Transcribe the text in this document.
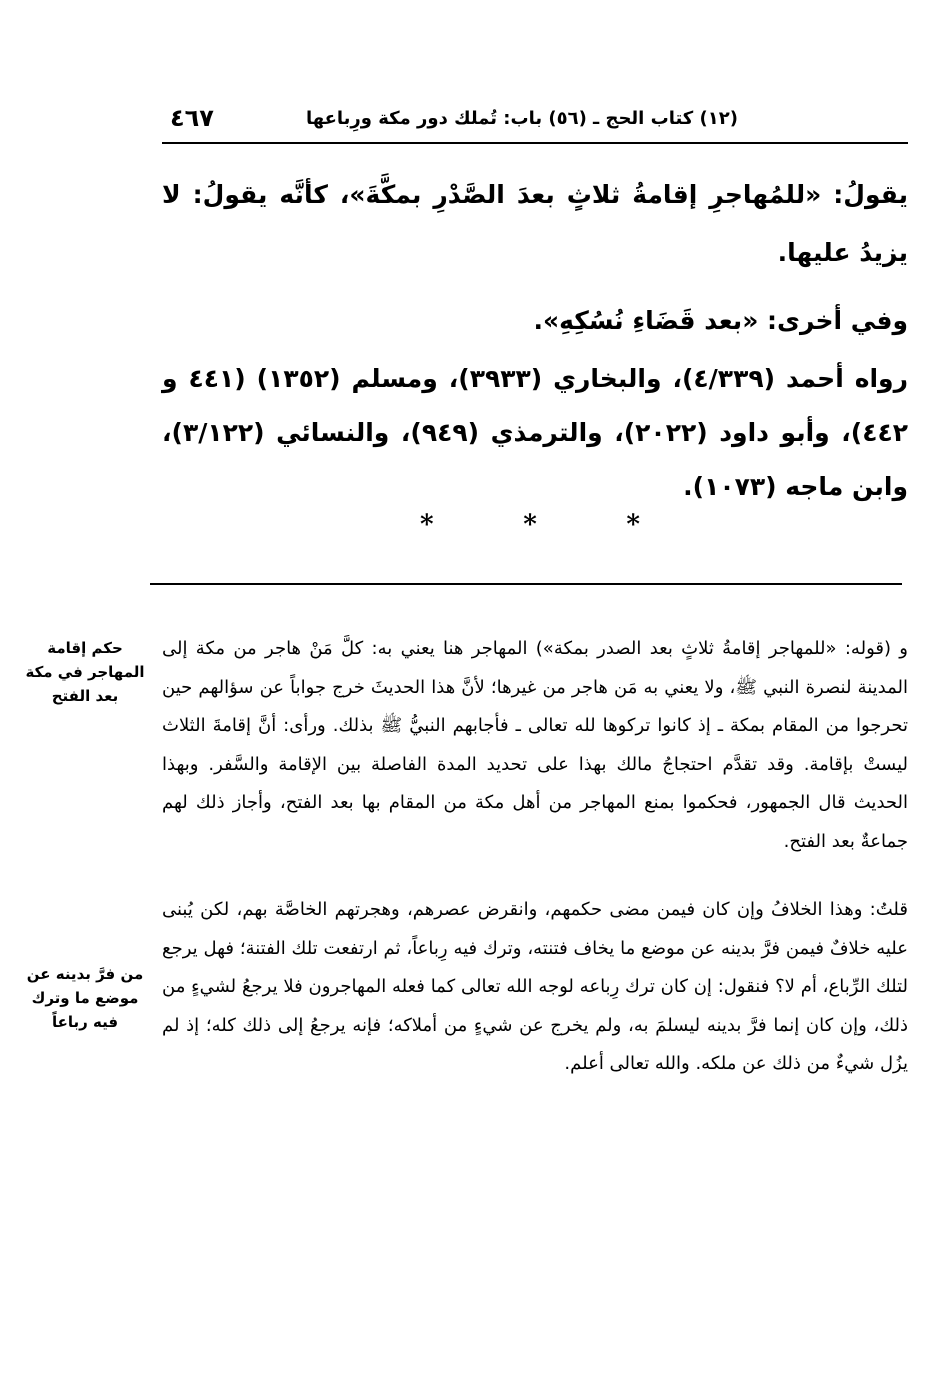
٤٦٧	(١٢) كتاب الحج ـ (٥٦) باب: تُملك دور مكة ورِباعها

يقولُ: «للمُهاجرِ إقامةُ ثلاثٍ بعدَ الصَّدْرِ بمكَّةَ»، كأنَّه يقولُ: لا يزيدُ عليها.

وفي أخرى: «بعد قَضَاءِ نُسُكِهِ».

رواه أحمد (٤/٣٣٩)، والبخاري (٣٩٣٣)، ومسلم (١٣٥٢) (٤٤١ و ٤٤٢)، وأبو داود (٢٠٢٢)، والترمذي (٩٤٩)، والنسائي (٣/١٢٢)، وابن ماجه (١٠٧٣).

*	*	*

و (قوله: «للمهاجر إقامةُ ثلاثٍ بعد الصدر بمكة») المهاجر هنا يعني به: كلَّ مَنْ هاجر من مكة إلى المدينة لنصرة النبي ﷺ، ولا يعني به مَن هاجر من غيرها؛ لأنَّ هذا الحديثَ خرج جواباً عن سؤالهم حين تحرجوا من المقام بمكة ـ إذ كانوا تركوها لله تعالى ـ فأجابهم النبيُّ ﷺ بذلك. ورأى: أنَّ إقامةَ الثلاث ليستْ بإقامة. وقد تقدَّم احتجاجُ مالك بهذا على تحديد المدة الفاصلة بين الإقامة والسَّفر. وبهذا الحديث قال الجمهور، فحكموا بمنع المهاجر من أهل مكة من المقام بها بعد الفتح، وأجاز ذلك لهم جماعةٌ بعد الفتح.

قلتُ: وهذا الخلافُ وإن كان فيمن مضى حكمهم، وانقرض عصرهم، وهجرتهم الخاصَّة بهم، لكن يُبنى عليه خلافٌ فيمن فرَّ بدينه عن موضع ما يخاف فتنته، وترك فيه رِباعاً، ثم ارتفعت تلك الفتنة؛ فهل يرجع لتلك الرِّباع، أم لا؟ فنقول: إن كان ترك رِباعه لوجه الله تعالى كما فعله المهاجرون فلا يرجعُ لشيءٍ من ذلك، وإن كان إنما فرَّ بدينه ليسلمَ به، ولم يخرج عن شيءٍ من أملاكه؛ فإنه يرجعُ إلى ذلك كله؛ إذ لم يزُل شيءٌ من ذلك عن ملكه. والله تعالى أعلم.

حكم إقامة المهاجر في مكة بعد الفتح
من فرَّ بدينه عن موضع ما وترك فيه رباعاً
